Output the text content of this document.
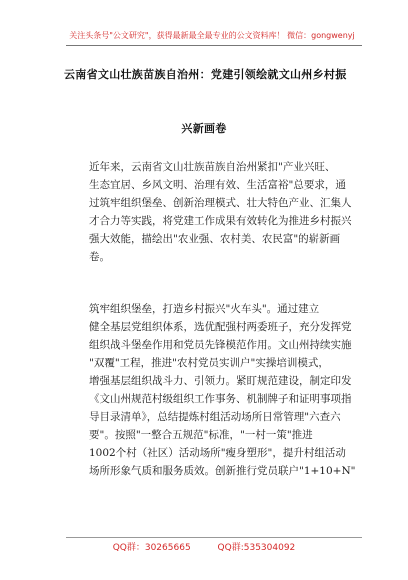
关注头条号"公文研究"，获得最新最全最专业的公文资料库！ 微信：gongwenyj
云南省文山壮族苗族自治州：党建引领绘就文山州乡村振
兴新画卷
近年来，云南省文山壮族苗族自治州紧扣"产业兴旺、
生态宜居、乡风文明、治理有效、生活富裕"总要求，通
过筑牢组织堡垒、创新治理模式、壮大特色产业、汇集人
才合力等实践，将党建工作成果有效转化为推进乡村振兴
强大效能，描绘出"农业强、农村美、农民富"的崭新画
卷。
筑牢组织堡垒，打造乡村振兴"火车头"。通过建立
健全基层党组织体系，选优配强村两委班子，充分发挥党
组织战斗堡垒作用和党员先锋模范作用。文山州持续实施
"双覆"工程，推进"农村党员实训户"实操培训模式，
增强基层组织战斗力、引领力。紧盯规范建设，制定印发
《文山州规范村级组织工作事务、机制牌子和证明事项指
导目录清单》，总结提炼村组活动场所日常管理"六查六
要"。按照"一整合五规范"标准，"一村一策"推进
1002个村（社区）活动场所"瘦身塑形"，提升村组活动
场所形象气质和服务质效。创新推行党员联户"1+10+N"
QQ群：30265665	QQ群:535304092
